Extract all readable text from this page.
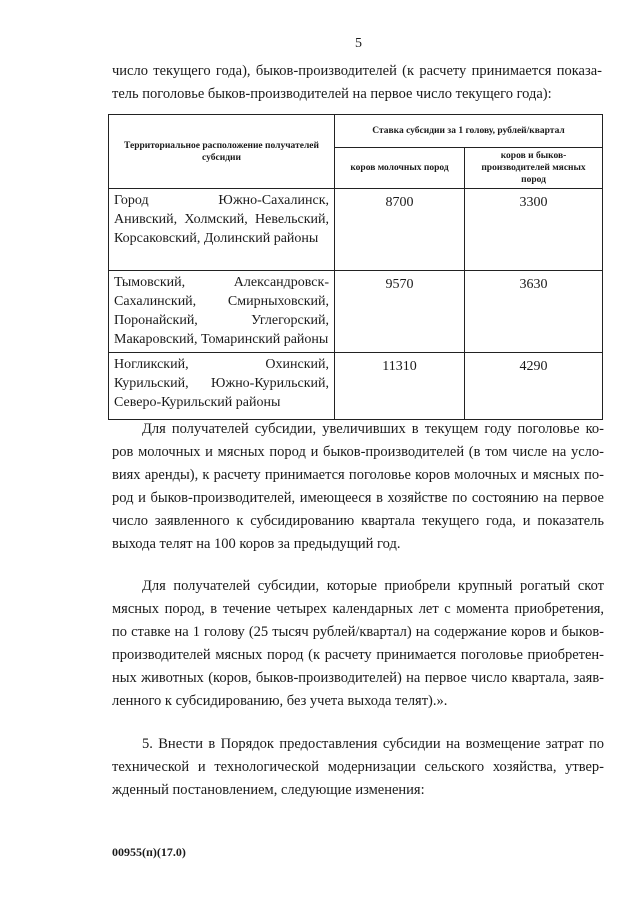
5
число текущего года), быков-производителей (к расчету принимается показа-
тель поголовье быков-производителей на первое число текущего года):
Территориальное расположение получателей субсидии	Ставка субсидии за 1 голову, рублей/квартал	
	коров молочных пород	коров и быков-производителей мясных пород
Город Южно-Сахалинск, Анивский, Холмский, Невельский, Корсаковский, Долинский районы	8700	3300
Тымовский, Александровск-Сахалинский, Смирныховский, Поронайский, Углегорский, Макаровский, Томаринский районы	9570	3630
Ногликский, Охинский, Курильский, Южно-Курильский, Северо-Курильский районы	11310	4290
Для получателей субсидии, увеличивших в текущем году поголовье ко-
ров молочных и мясных пород и быков-производителей (в том числе на усло-
виях аренды), к расчету принимается поголовье коров молочных и мясных по-
род и быков-производителей, имеющееся в хозяйстве по состоянию на первое
число заявленного к субсидированию квартала текущего года, и показатель
выхода телят на 100 коров за предыдущий год.
Для получателей субсидии, которые приобрели крупный рогатый скот
мясных пород, в течение четырех календарных лет с момента приобретения,
по ставке на 1 голову (25 тысяч рублей/квартал) на содержание коров и быков-
производителей мясных пород (к расчету принимается поголовье приобретен-
ных животных (коров, быков-производителей) на первое число квартала, заяв-
ленного к субсидированию, без учета выхода телят).».
5. Внести в Порядок предоставления субсидии на возмещение затрат по
технической и технологической модернизации сельского хозяйства, утвер-
жденный постановлением, следующие изменения:
00955(п)(17.0)
